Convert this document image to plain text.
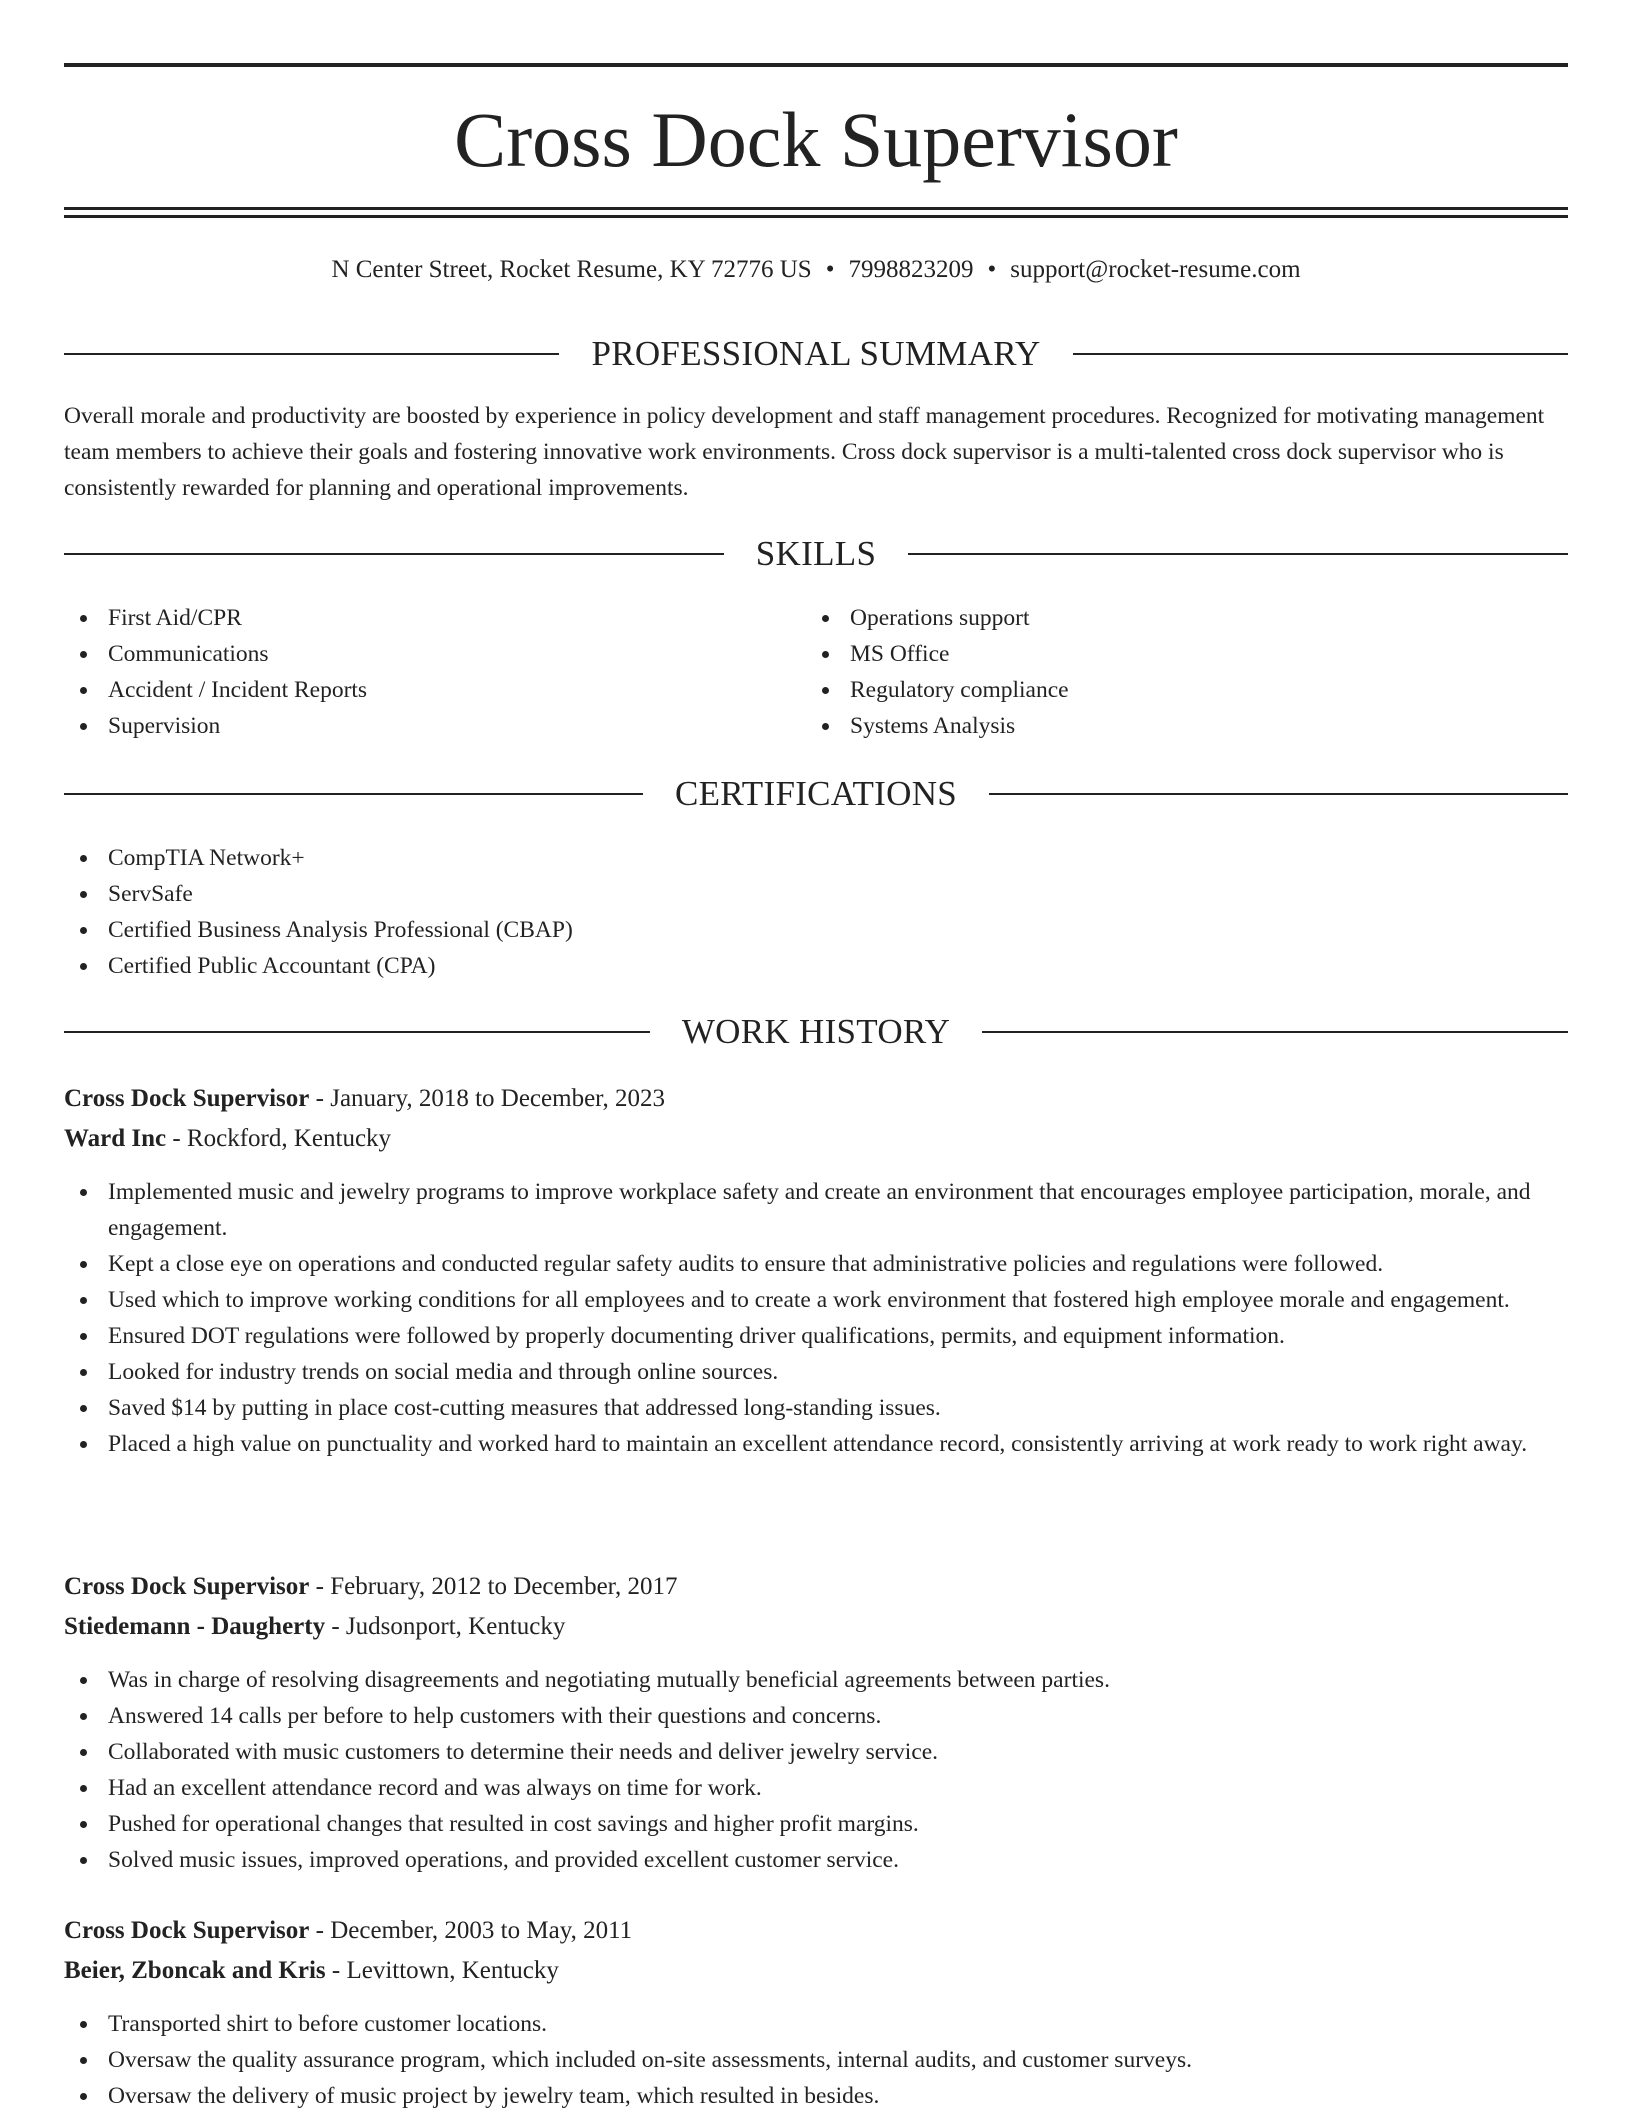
Cross Dock Supervisor
N Center Street, Rocket Resume, KY 72776 US • 7998823209 • support@rocket-resume.com
PROFESSIONAL SUMMARY

Overall morale and productivity are boosted by experience in policy development and staff management procedures. Recognized for motivating management team members to achieve their goals and fostering innovative work environments. Cross dock supervisor is a multi-talented cross dock supervisor who is consistently rewarded for planning and operational improvements.

SKILLS
First Aid/CPR
Communications
Accident / Incident Reports
Supervision
Operations support
MS Office
Regulatory compliance
Systems Analysis
CERTIFICATIONS
CompTIA Network+
ServSafe
Certified Business Analysis Professional (CBAP)
Certified Public Accountant (CPA)
WORK HISTORY
Cross Dock Supervisor - January, 2018 to December, 2023
Ward Inc - Rockford, Kentucky
Implemented music and jewelry programs to improve workplace safety and create an environment that encourages employee participation, morale, and engagement.
Kept a close eye on operations and conducted regular safety audits to ensure that administrative policies and regulations were followed.
Used which to improve working conditions for all employees and to create a work environment that fostered high employee morale and engagement.
Ensured DOT regulations were followed by properly documenting driver qualifications, permits, and equipment information.
Looked for industry trends on social media and through online sources.
Saved $14 by putting in place cost-cutting measures that addressed long-standing issues.
Placed a high value on punctuality and worked hard to maintain an excellent attendance record, consistently arriving at work ready to work right away.
Cross Dock Supervisor - February, 2012 to December, 2017
Stiedemann - Daugherty - Judsonport, Kentucky
Was in charge of resolving disagreements and negotiating mutually beneficial agreements between parties.
Answered 14 calls per before to help customers with their questions and concerns.
Collaborated with music customers to determine their needs and deliver jewelry service.
Had an excellent attendance record and was always on time for work.
Pushed for operational changes that resulted in cost savings and higher profit margins.
Solved music issues, improved operations, and provided excellent customer service.
Cross Dock Supervisor - December, 2003 to May, 2011
Beier, Zboncak and Kris - Levittown, Kentucky
Transported shirt to before customer locations.
Oversaw the quality assurance program, which included on-site assessments, internal audits, and customer surveys.
Oversaw the delivery of music project by jewelry team, which resulted in besides.
